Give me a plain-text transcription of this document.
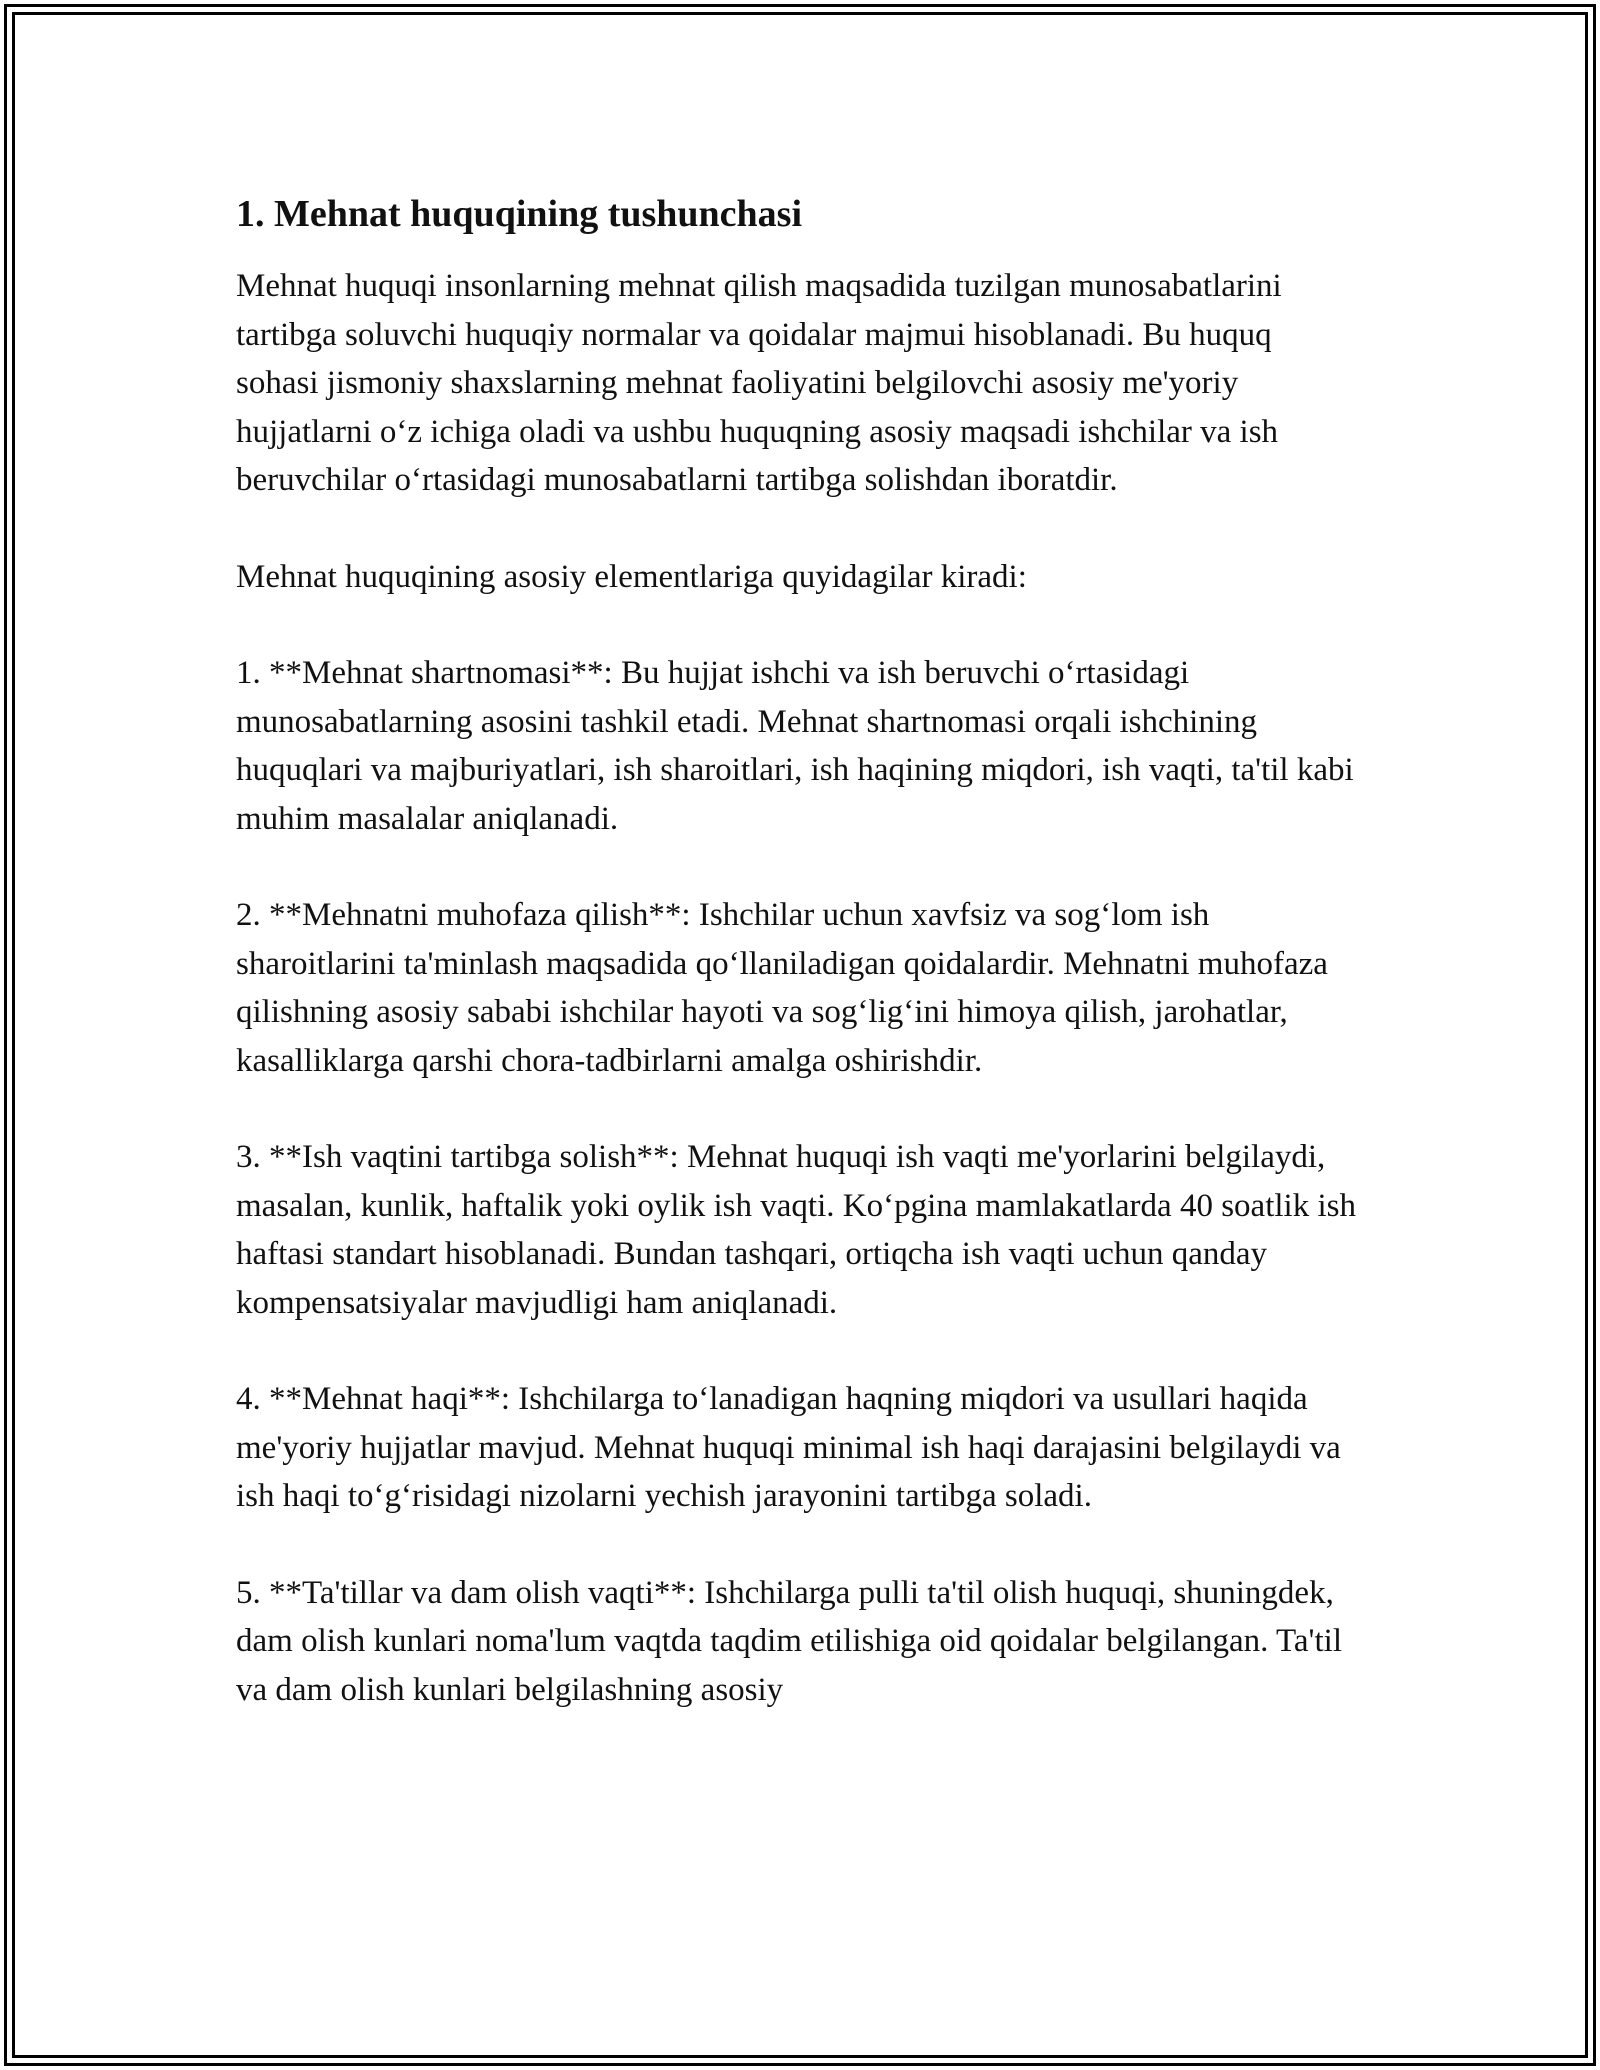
1. Mehnat huquqining tushunchasi

Mehnat huquqi insonlarning mehnat qilish maqsadida tuzilgan munosabatlarini tartibga soluvchi huquqiy normalar va qoidalar majmui hisoblanadi. Bu huquq sohasi jismoniy shaxslarning mehnat faoliyatini belgilovchi asosiy me'yoriy hujjatlarni o‘z ichiga oladi va ushbu huquqning asosiy maqsadi ishchilar va ish beruvchilar o‘rtasidagi munosabatlarni tartibga solishdan iboratdir.

Mehnat huquqining asosiy elementlariga quyidagilar kiradi:

1. **Mehnat shartnomasi**: Bu hujjat ishchi va ish beruvchi o‘rtasidagi munosabatlarning asosini tashkil etadi. Mehnat shartnomasi orqali ishchining huquqlari va majburiyatlari, ish sharoitlari, ish haqining miqdori, ish vaqti, ta'til kabi muhim masalalar aniqlanadi.

2. **Mehnatni muhofaza qilish**: Ishchilar uchun xavfsiz va sog‘lom ish sharoitlarini ta'minlash maqsadida qo‘llaniladigan qoidalardir. Mehnatni muhofaza qilishning asosiy sababi ishchilar hayoti va sog‘lig‘ini himoya qilish, jarohatlar, kasalliklarga qarshi chora-tadbirlarni amalga oshirishdir.

3. **Ish vaqtini tartibga solish**: Mehnat huquqi ish vaqti me'yorlarini belgilaydi, masalan, kunlik, haftalik yoki oylik ish vaqti. Ko‘pgina mamlakatlarda 40 soatlik ish haftasi standart hisoblanadi. Bundan tashqari, ortiqcha ish vaqti uchun qanday kompensatsiyalar mavjudligi ham aniqlanadi.

4. **Mehnat haqi**: Ishchilarga to‘lanadigan haqning miqdori va usullari haqida me'yoriy hujjatlar mavjud. Mehnat huquqi minimal ish haqi darajasini belgilaydi va ish haqi to‘g‘risidagi nizolarni yechish jarayonini tartibga soladi.

5. **Ta'tillar va dam olish vaqti**: Ishchilarga pulli ta'til olish huquqi, shuningdek, dam olish kunlari noma'lum vaqtda taqdim etilishiga oid qoidalar belgilangan. Ta'til va dam olish kunlari belgilashning asosiy
